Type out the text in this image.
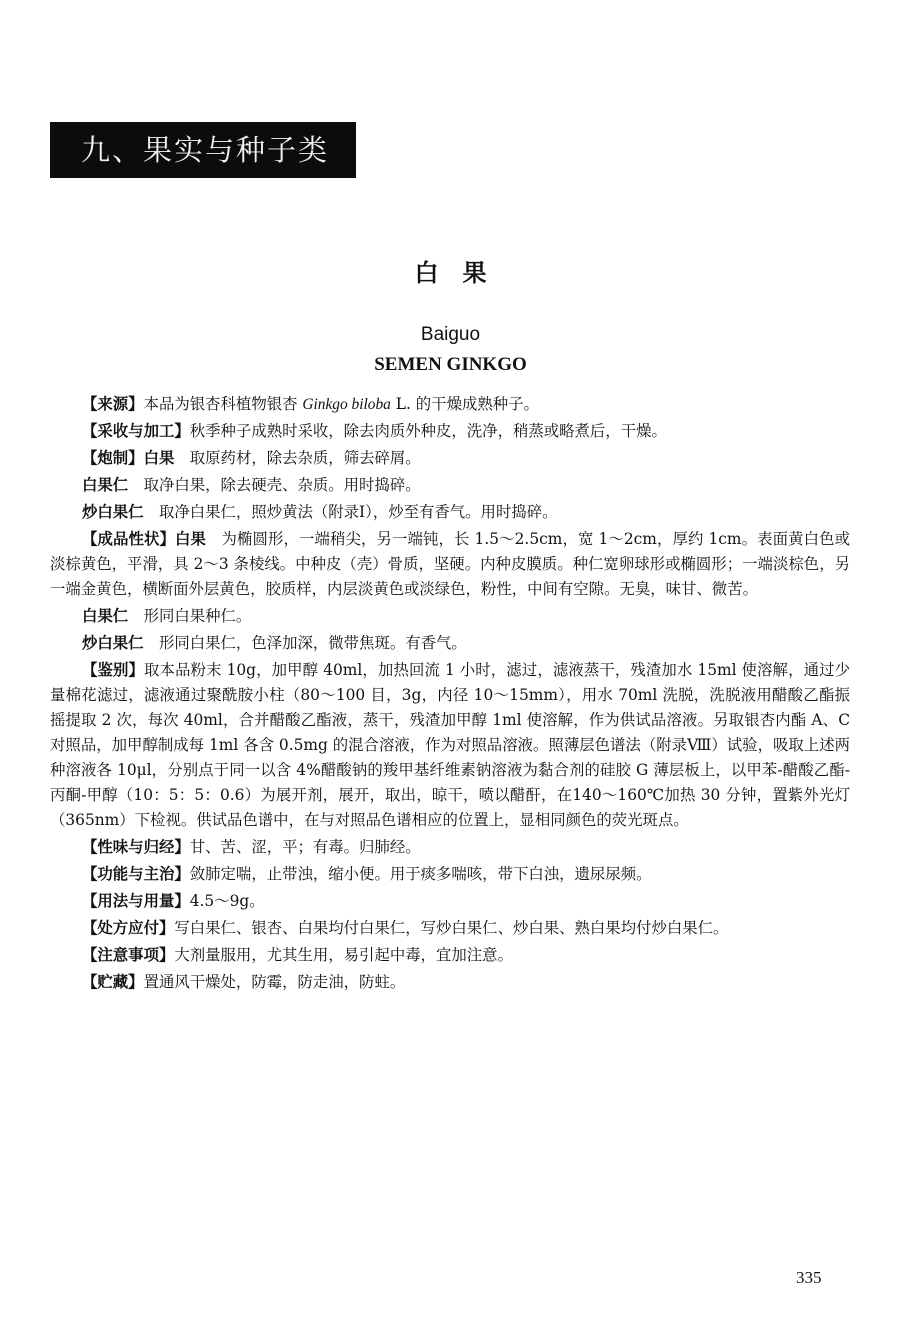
九、果实与种子类
白　果
Baiguo
SEMEN GINKGO

【来源】本品为银杏科植物银杏 Ginkgo biloba L. 的干燥成熟种子。

【采收与加工】秋季种子成熟时采收，除去肉质外种皮，洗净，稍蒸或略煮后，干燥。

【炮制】白果　取原药材，除去杂质，筛去碎屑。

白果仁　取净白果，除去硬壳、杂质。用时捣碎。

炒白果仁　取净白果仁，照炒黄法（附录Ⅰ），炒至有香气。用时捣碎。

【成品性状】白果　为椭圆形，一端稍尖，另一端钝，长 1.5～2.5cm，宽 1～2cm，厚约 1cm。表面黄白色或淡棕黄色，平滑，具 2～3 条棱线。中种皮（壳）骨质，坚硬。内种皮膜质。种仁宽卵球形或椭圆形；一端淡棕色，另一端金黄色，横断面外层黄色，胶质样，内层淡黄色或淡绿色，粉性，中间有空隙。无臭，味甘、微苦。

白果仁　形同白果种仁。

炒白果仁　形同白果仁，色泽加深，微带焦斑。有香气。

【鉴别】取本品粉末 10g，加甲醇 40ml，加热回流 1 小时，滤过，滤液蒸干，残渣加水 15ml 使溶解，通过少量棉花滤过，滤液通过聚酰胺小柱（80～100 目，3g，内径 10～15mm），用水 70ml 洗脱，洗脱液用醋酸乙酯振摇提取 2 次，每次 40ml，合并醋酸乙酯液，蒸干，残渣加甲醇 1ml 使溶解，作为供试品溶液。另取银杏内酯 A、C 对照品，加甲醇制成每 1ml 各含 0.5mg 的混合溶液，作为对照品溶液。照薄层色谱法（附录Ⅷ）试验，吸取上述两种溶液各 10μl，分别点于同一以含 4%醋酸钠的羧甲基纤维素钠溶液为黏合剂的硅胶 G 薄层板上，以甲苯-醋酸乙酯-丙酮-甲醇（10：5：5：0.6）为展开剂，展开，取出，晾干，喷以醋酐，在140～160℃加热 30 分钟，置紫外光灯（365nm）下检视。供试品色谱中，在与对照品色谱相应的位置上，显相同颜色的荧光斑点。

【性味与归经】甘、苦、涩，平；有毒。归肺经。

【功能与主治】敛肺定喘，止带浊，缩小便。用于痰多喘咳，带下白浊，遗尿尿频。

【用法与用量】4.5～9g。

【处方应付】写白果仁、银杏、白果均付白果仁，写炒白果仁、炒白果、熟白果均付炒白果仁。

【注意事项】大剂量服用，尤其生用，易引起中毒，宜加注意。

【贮藏】置通风干燥处，防霉，防走油，防蛀。

335
